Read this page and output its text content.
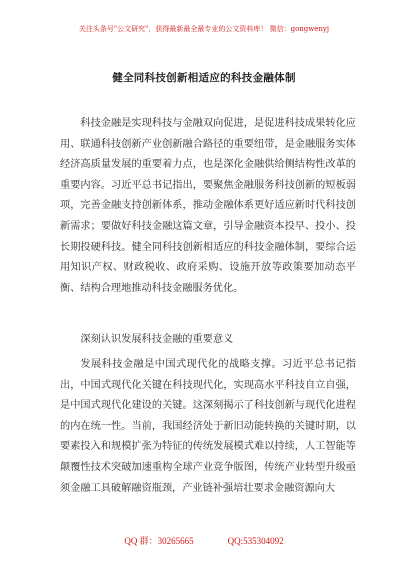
关注头条号"公文研究"，获得最新最全最专业的公文资料库！ 微信：gongwenyj
健全同科技创新相适应的科技金融体制

科技金融是实现科技与金融双向促进，是促进科技成果转化应用、联通科技创新产业创新融合路径的重要纽带，是金融服务实体经济高质量发展的重要着力点，也是深化金融供给侧结构性改革的重要内容。习近平总书记指出，要聚焦金融服务科技创新的短板弱项，完善金融支持创新体系，推动金融体系更好适应新时代科技创新需求；要做好科技金融这篇文章，引导金融资本投早、投小、投长期投硬科技。健全同科技创新相适应的科技金融体制，要综合运用知识产权、财政税收、政府采购、设施开放等政策要加动态平衡、结构合理地推动科技金融服务优化。

深刻认识发展科技金融的重要意义

发展科技金融是中国式现代化的战略支撑。习近平总书记指出，中国式现代化关键在科技现代化，实现高水平科技自立自强，是中国式现代化建设的关键。这深刻揭示了科技创新与现代化进程的内在统一性。当前，我国经济处于新旧动能转换的关键时期，以要素投入和规模扩张为特征的传统发展模式难以持续，人工智能等颠覆性技术突破加速重构全球产业竞争版图，传统产业转型升级亟须金融工具破解融资瓶颈，产业链补强培壮要求金融资源向大

QQ 群：30265665	QQ:535304092
